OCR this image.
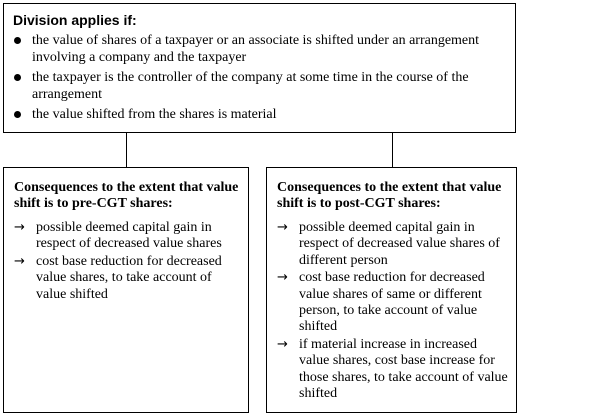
Division applies if:
the value of shares of a taxpayer or an associate is shifted under an arrangement involving a company and the taxpayer
the taxpayer is the controller of the company at some time in the course of the arrangement
the value shifted from the shares is material
Consequences to the extent that value shift is to pre-CGT shares:
→ possible deemed capital gain in respect of decreased value shares
→ cost base reduction for decreased value shares, to take account of value shifted
Consequences to the extent that value shift is to post-CGT shares:
→ possible deemed capital gain in respect of decreased value shares of different person
→ cost base reduction for decreased value shares of same or different person, to take account of value shifted
→ if material increase in increased value shares, cost base increase for those shares, to take account of value shifted
